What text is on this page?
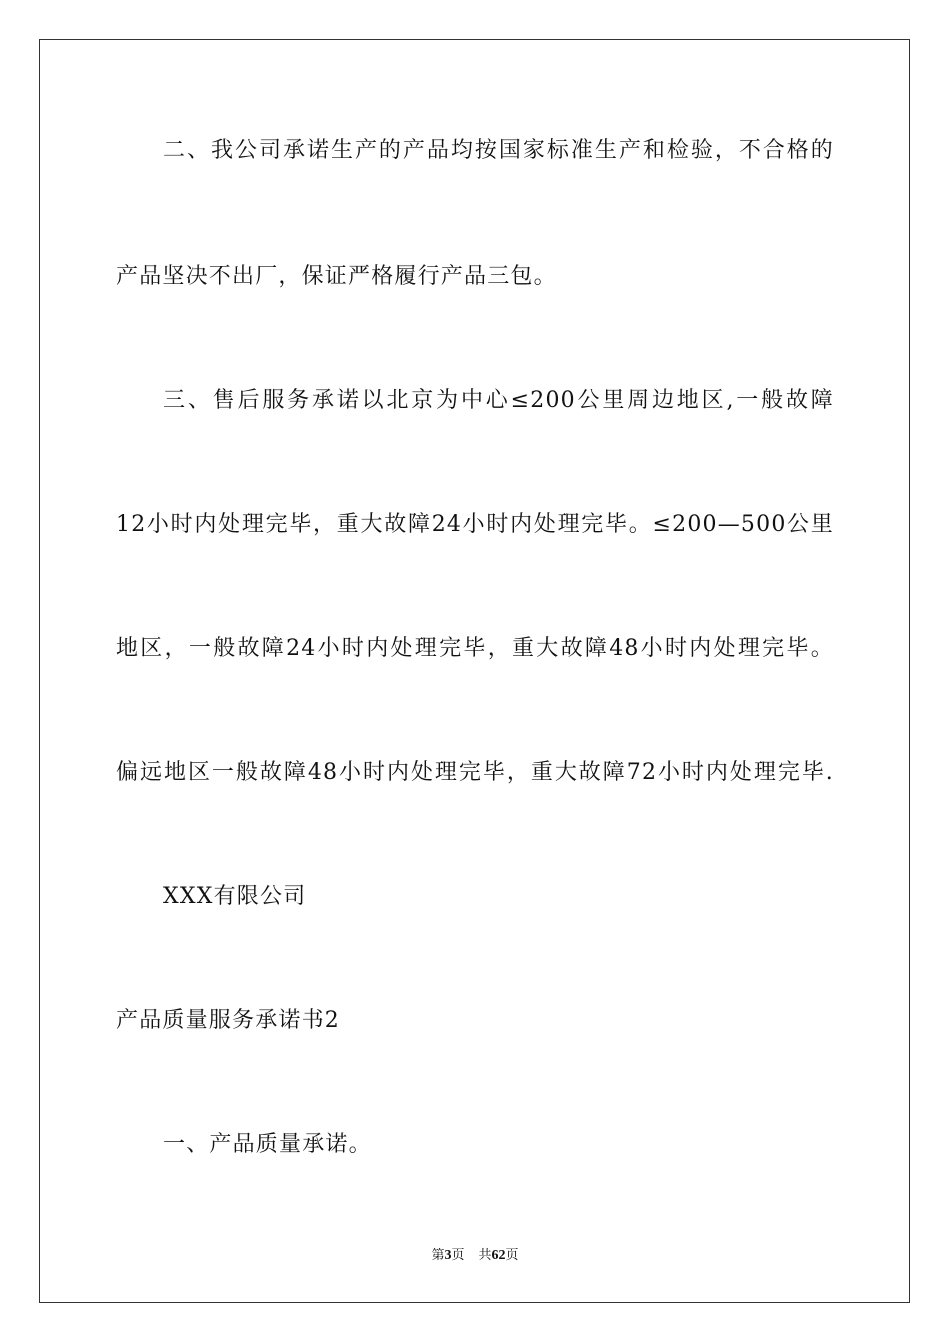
二、我公司承诺生产的产品均按国家标准生产和检验，不合格的
产品坚决不出厂，保证严格履行产品三包。
三、售后服务承诺以北京为中心≤200公里周边地区,一般故障
12小时内处理完毕，重大故障24小时内处理完毕。≤200—500公里
地区，一般故障24小时内处理完毕，重大故障48小时内处理完毕。
偏远地区一般故障48小时内处理完毕，重大故障72小时内处理完毕.
XXX有限公司
产品质量服务承诺书2
一、产品质量承诺。
第3页 共62页
